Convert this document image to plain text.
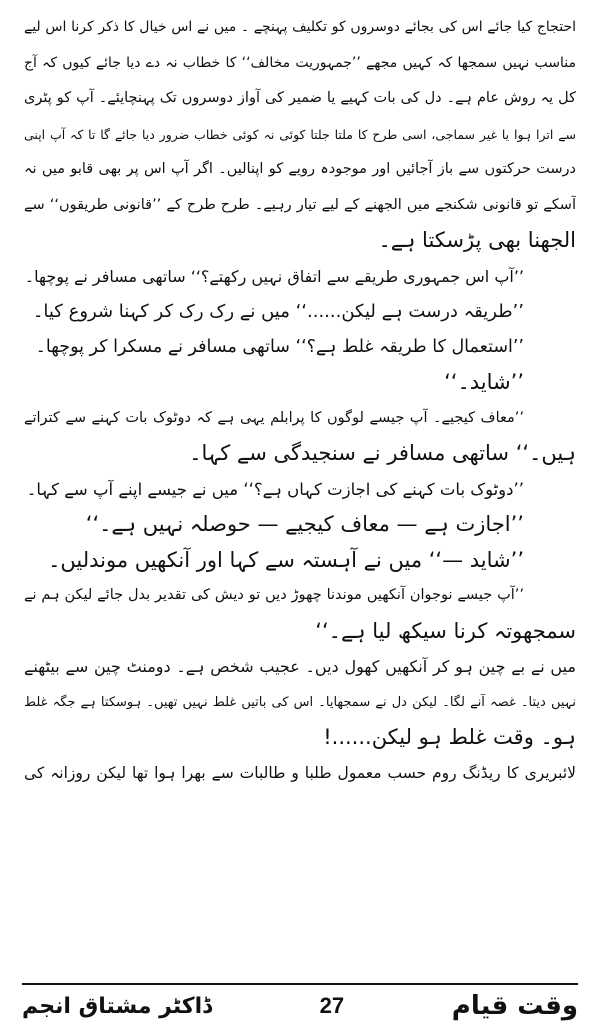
احتجاج کیا جائے اس کی بجائے دوسروں کو تکلیف پہنچے ۔ میں نے اس خیال کا ذکر کرنا اس لیے
مناسب نہیں سمجھا کہ کہیں مجھے ’’جمہوریت مخالف‘‘ کا خطاب نہ دے دیا جائے کیوں کہ آج
کل یہ روش عام ہے۔ دل کی بات کہیے یا ضمیر کی آواز دوسروں تک پہنچایئے۔ آپ کو پٹری
سے اترا ہوا یا غیر سماجی، اسی طرح کا ملتا جلتا کوئی نہ کوئی خطاب ضرور دیا جائے گا تا کہ آپ اپنی
درست حرکتوں سے باز آجائیں اور موجودہ رویے کو اپنالیں۔ اگر آپ اس پر بھی قابو میں نہ
آسکے تو قانونی شکنجے میں الجھنے کے لیے تیار رہیے۔ طرح طرح کے ’’قانونی طریقوں‘‘ سے
الجھنا بھی پڑسکتا ہے۔
’’آپ اس جمہوری طریقے سے اتفاق نہیں رکھتے؟‘‘ ساتھی مسافر نے پوچھا۔
’’طریقہ درست ہے لیکن......‘‘ میں نے رک رک کر کہنا شروع کیا۔
’’استعمال کا طریقہ غلط ہے؟‘‘ ساتھی مسافر نے مسکرا کر پوچھا۔
’’شاید۔‘‘
’’معاف کیجیے۔ آپ جیسے لوگوں کا پرابلم یہی ہے کہ دوٹوک بات کہنے سے کتراتے
ہیں۔‘‘ ساتھی مسافر نے سنجیدگی سے کہا۔
’’دوٹوک بات کہنے کی اجازت کہاں ہے؟‘‘ میں نے جیسے اپنے آپ سے کہا۔
’’اجازت ہے — معاف کیجیے — حوصلہ نہیں ہے۔‘‘
’’شاید —‘‘ میں نے آہستہ سے کہا اور آنکھیں موندلیں۔
’’آپ جیسے نوجوان آنکھیں موندنا چھوڑ دیں تو دیش کی تقدیر بدل جائے لیکن ہم نے
سمجھوتہ کرنا سیکھ لیا ہے۔‘‘
میں نے بے چین ہو کر آنکھیں کھول دیں۔ عجیب شخص ہے۔ دومنٹ چین سے بیٹھنے
نہیں دیتا۔ غصہ آنے لگا۔ لیکن دل نے سمجھایا۔ اس کی باتیں غلط نہیں تھیں۔ ہوسکتا ہے جگہ غلط
ہو۔ وقت غلط ہو لیکن......!
لائبریری کا ریڈنگ روم حسب معمول طلبا و طالبات سے بھرا ہوا تھا لیکن روزانہ کی
ڈاکٹر مشتاق انجم	27	وقت قیام
